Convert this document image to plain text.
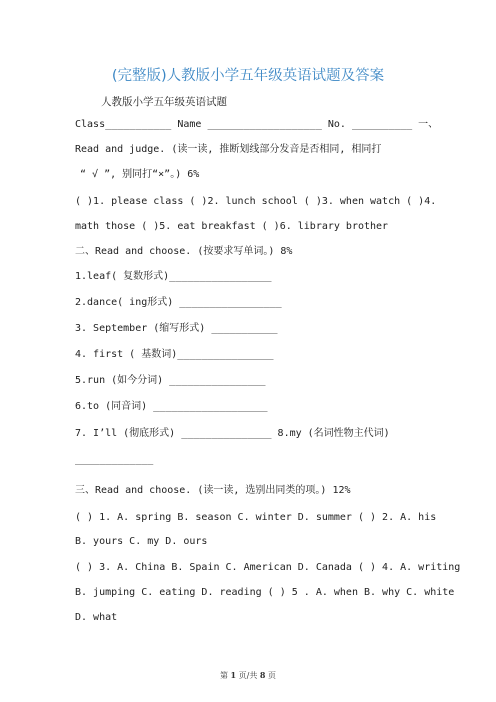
(完整版)人教版小学五年级英语试题及答案
人教版小学五年级英语试题
Class___________ Name ___________________ No. __________ 一、
Read and judge. (读一读, 推断划线部分发音是否相同, 相同打
“ √ ”, 别同打“×”。) 6%
( )1. please class ( )2. lunch school ( )3. when watch ( )4.
math those ( )5. eat breakfast ( )6. library brother
二、Read and choose. (按要求写单词。) 8%
1.leaf( 复数形式)_________________
2.dance( ing形式) _________________
3. September (缩写形式) ___________
4. first ( 基数词)________________
5.run (如今分词) ________________
6.to (同音词) ___________________
7. I’ll (彻底形式) _______________ 8.my (名词性物主代词)
_____________
三、Read and choose. (读一读, 选别出同类的项。) 12%
( ) 1. A. spring B. season C. winter D. summer ( ) 2. A. his
B. yours C. my D. ours
( ) 3. A. China B. Spain C. American D. Canada ( ) 4. A. writing
B. jumping C. eating D. reading ( ) 5 . A. when B. why C. white
D. what
第 1 页/共 8 页
